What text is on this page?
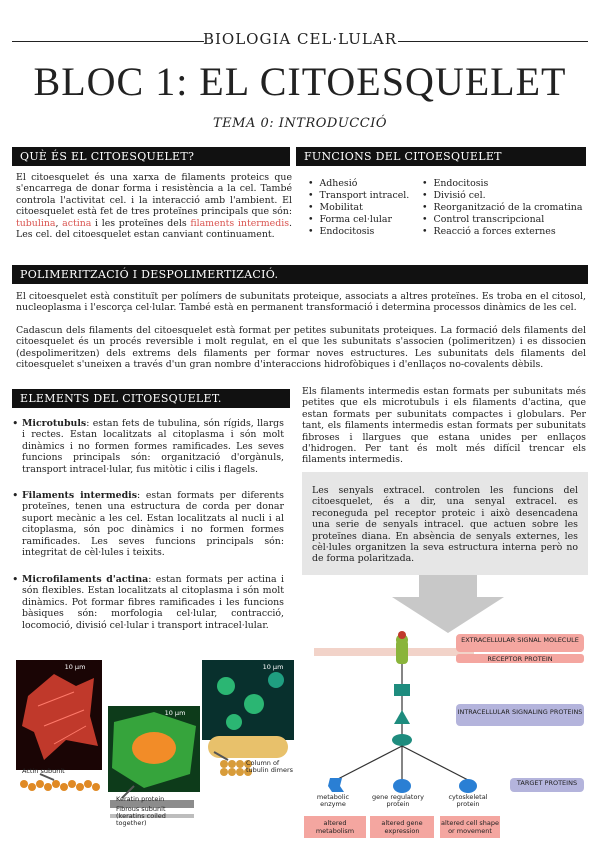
BIOLOGIA CEL·LULAR
BLOC 1: EL CITOESQUELET
TEMA 0: INTRODUCCIÓ
QUÈ ÉS EL CITOESQUELET?
El citoesquelet és una xarxa de filaments proteics que s'encarrega de donar forma i resistència a la cel. També controla l'activitat cel. i la interacció amb l'ambient. El citoesquelet està fet de tres proteïnes principals que són: tubulina, actina i les proteïnes dels filaments intermedis. Les cel. del citoesquelet estan canviant continuament.
FUNCIONS DEL CITOESQUELET
• Adhesió
• Transport intracel.
• Mobilitat
• Forma cel·lular
• Endocitosis
• Endocitosis
• Divisió cel.
• Reorganització de la cromatina
• Control transcripcional
• Reacció a forces externes
POLIMERITZACIÓ I DESPOLIMERTIZACIÓ.
El citoesquelet està constituït per polímers de subunitats proteique, associats a altres proteïnes. Es troba en el citosol, nucleoplasma i l'escorça cel·lular. També està en permanent transformació i determina processos dinàmics de les cel.
Cadascun dels filaments del citoesquelet està format per petites subunitats proteiques. La formació dels filaments del citoesquelet és un procés reversible i molt regulat, en el que les subunitats s'associen (polimeritzen) i es dissocien (despolimeritzen) dels extrems dels filaments per formar noves estructures. Les subunitats dels filaments del citoesquelet s'uneixen a través d'un gran nombre d'interaccions hidrofòbiques i d'enllaços no-covalents dèbils.
ELEMENTS DEL CITOESQUELET.
• Microtubuls: estan fets de tubulina, són rígids, llargs i rectes. Estan localitzats al citoplasma i són molt dinàmics i no formen formes ramificades. Les seves funcions principals són: organització d'orgànuls, transport intracel·lular, fus mitòtic i cilis i flagels.
• Filaments intermedis: estan formats per diferents proteïnes, tenen una estructura de corda per donar suport mecànic a les cel. Estan localitzats al nucli i al citoplasma, són poc dinàmics i no formen formes ramificades. Les seves funcions principals són: integritat de cèl·lules i teixits.
• Microfilaments d'actina: estan formats per actina i són flexibles. Estan localitzats al citoplasma i són molt dinàmics. Pot formar fibres ramificades i les funcions bàsiques són: morfologia cel·lular, contracció, locomoció, divisió cel·lular i transport intracel·lular.
Els filaments intermedis estan formats per subunitats més petites que els microtubuls i els filaments d'actina, que estan formats per subunitats compactes i globulars. Per tant, els filaments intermedis estan formats per subunitats fibroses i llargues que estana unides per enllaços d'hidrogen. Per tant és molt més difícil trencar els filaments intermedis.
Les senyals extracel. controlen les funcions del citoesquelet, és a dir, una senyal extracel. es reconeguda pel receptor proteic i això desencadena una serie de senyals intracel. que actuen sobre les proteïnes diana. En absència de senyals externes, les cèl·lules organitzen la seva estructura interna però no de forma polaritzada.
10 µm
10 µm
10 µm
Actin subunit
Keratin protein
Fibrous subunit (keratins coiled together)
Column of tubulin dimers
EXTRACELLULAR SIGNAL MOLECULE
RECEPTOR PROTEIN
INTRACELLULAR SIGNALING PROTEINS
TARGET PROTEINS
metabolic enzyme
gene regulatory protein
cytoskeletal protein
altered metabolism
altered gene expression
altered cell shape or movement
